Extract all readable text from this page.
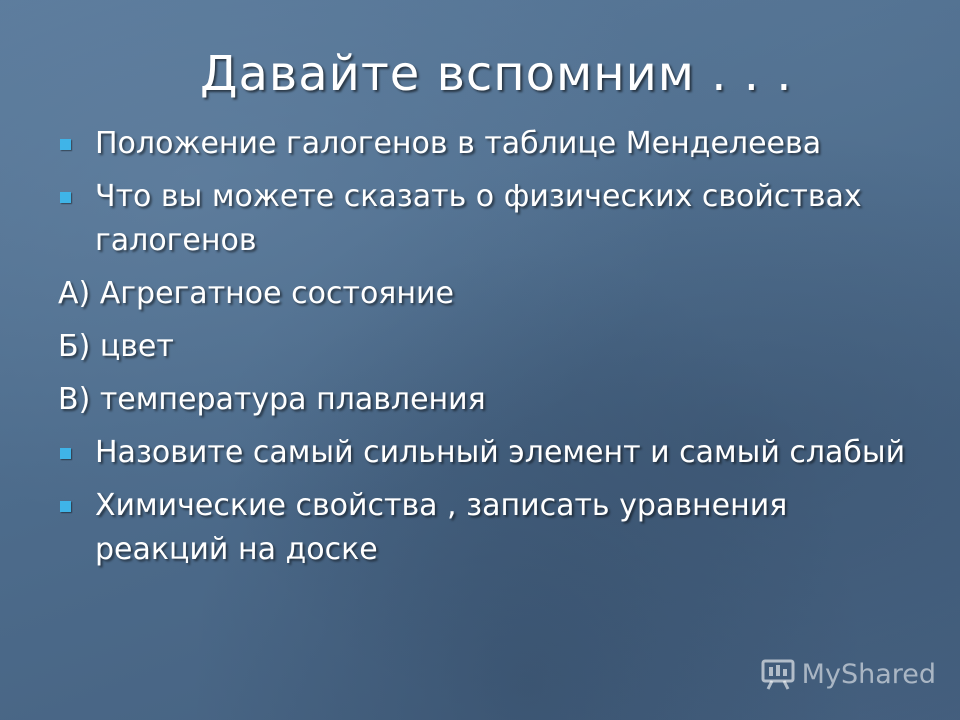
Давайте вспомним . . .
Положение галогенов в таблице Менделеева
Что вы можете сказать о физических свойствах галогенов
А) Агрегатное состояние
Б) цвет
В) температура плавления
Назовите самый сильный элемент и самый слабый
Химические свойства , записать уравнения реакций на доске
MyShared
